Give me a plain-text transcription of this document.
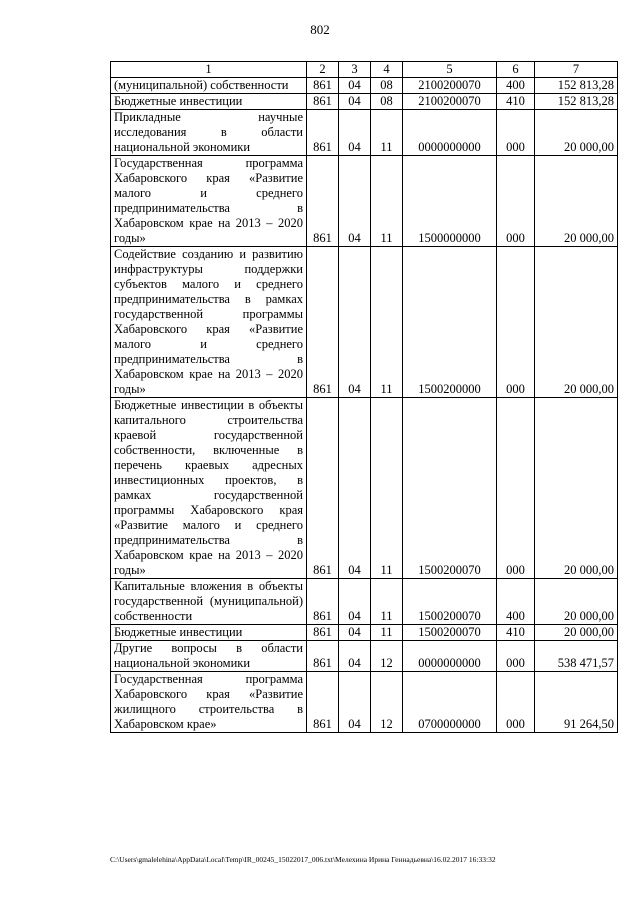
802
1	2	3	4	5	6	7
(муниципальной) собственности	861	04	08	2100200070	400	152 813,28
Бюджетные инвестиции	861	04	08	2100200070	410	152 813,28
Прикладные научные исследования в области национальной экономики	861	04	11	0000000000	000	20 000,00
Государственная программа Хабаровского края «Развитие малого и среднего предпринимательства в Хабаровском крае на 2013 – 2020 годы»	861	04	11	1500000000	000	20 000,00
Содействие созданию и развитию инфраструктуры поддержки субъектов малого и среднего предпринимательства в рамках государственной программы Хабаровского края «Развитие малого и среднего предпринимательства в Хабаровском крае на 2013 – 2020 годы»	861	04	11	1500200000	000	20 000,00
Бюджетные инвестиции в объекты капитального строительства краевой государственной собственности, включенные в перечень краевых адресных инвестиционных проектов, в рамках государственной программы Хабаровского края «Развитие малого и среднего предпринимательства в Хабаровском крае на 2013 – 2020 годы»	861	04	11	1500200070	000	20 000,00
Капитальные вложения в объекты государственной (муниципальной) собственности	861	04	11	1500200070	400	20 000,00
Бюджетные инвестиции	861	04	11	1500200070	410	20 000,00
Другие вопросы в области национальной экономики	861	04	12	0000000000	000	538 471,57
Государственная программа Хабаровского края «Развитие жилищного строительства в Хабаровском крае»	861	04	12	0700000000	000	91 264,50
C:\Users\gmalelehina\AppData\Local\Temp\IR_00245_15022017_006.txt\Мелехина Ирина Геннадьевна\16.02.2017 16:33:32
